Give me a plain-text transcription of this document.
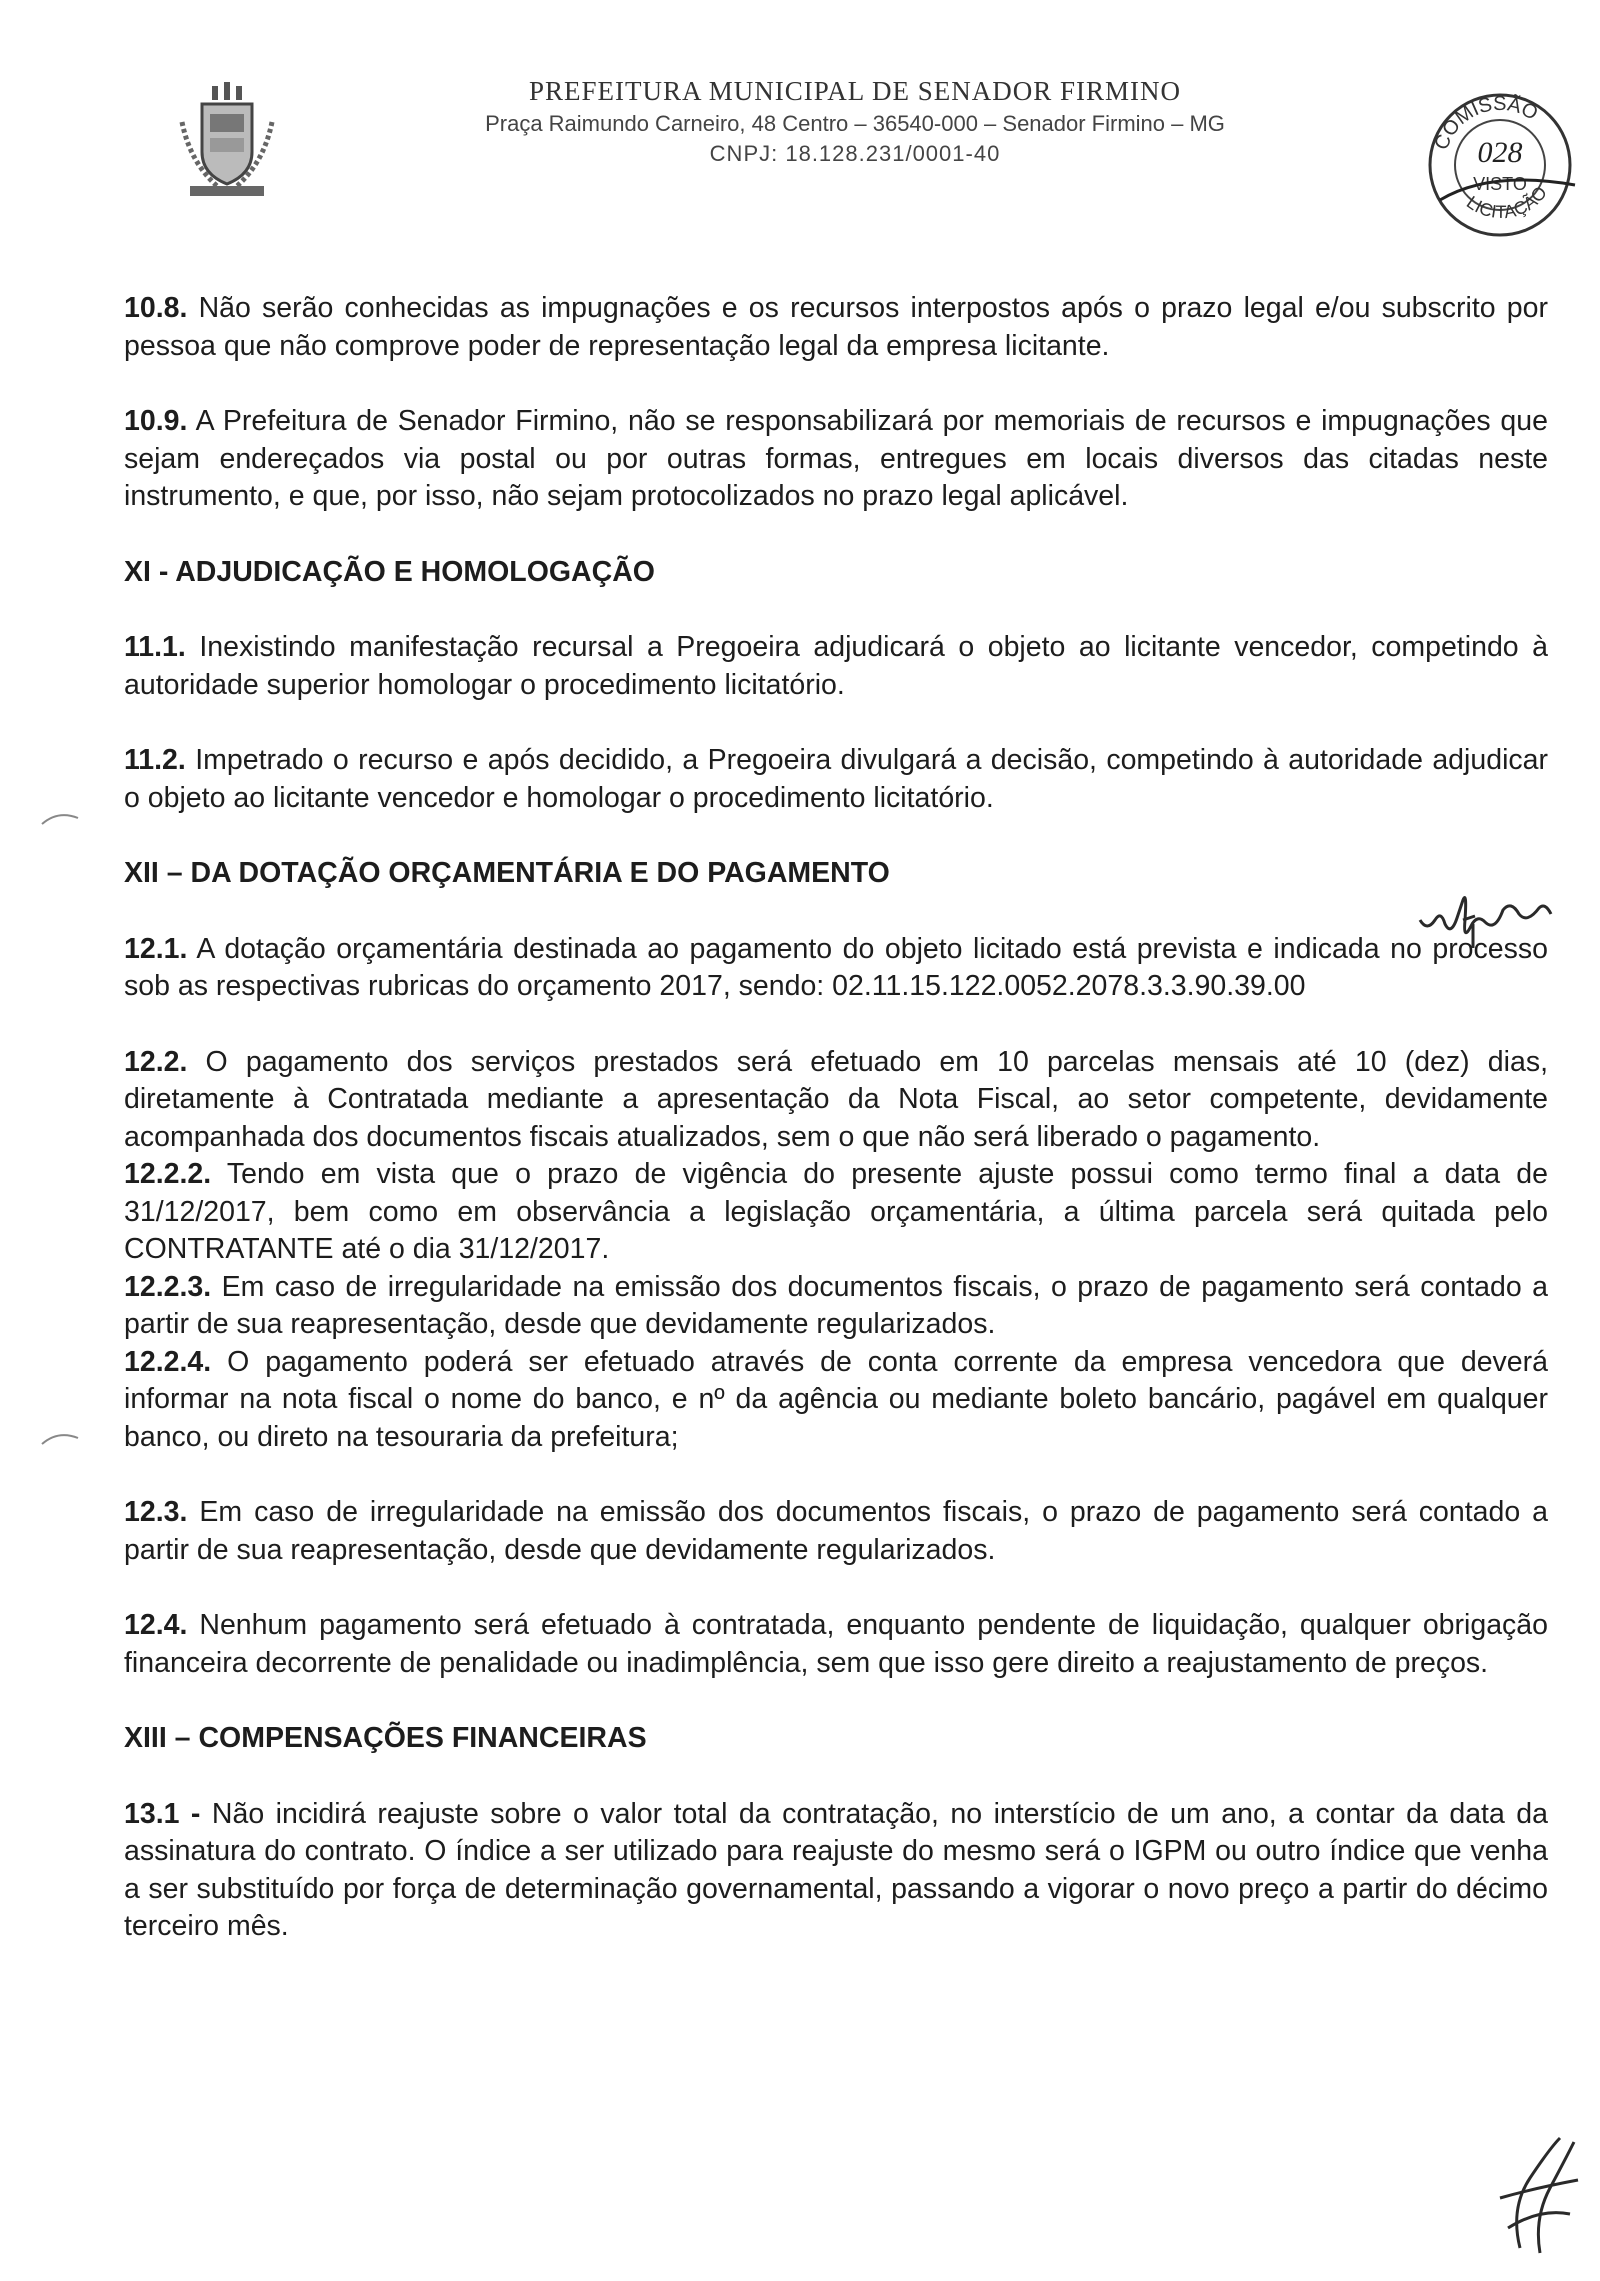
PREFEITURA MUNICIPAL DE SENADOR FIRMINO
Praça Raimundo Carneiro, 48 Centro – 36540-000 – Senador Firmino – MG
CNPJ: 18.128.231/0001-40	COMISSÃO
LICITAÇÃO
028
VISTO

10.8. Não serão conhecidas as impugnações e os recursos interpostos após o prazo legal e/ou subscrito por pessoa que não comprove poder de representação legal da empresa licitante.

10.9. A Prefeitura de Senador Firmino, não se responsabilizará por memoriais de recursos e impugnações que sejam endereçados via postal ou por outras formas, entregues em locais diversos das citadas neste instrumento, e que, por isso, não sejam protocolizados no prazo legal aplicável.

XI - ADJUDICAÇÃO E HOMOLOGAÇÃO

11.1. Inexistindo manifestação recursal a Pregoeira adjudicará o objeto ao licitante vencedor, competindo à autoridade superior homologar o procedimento licitatório.

11.2. Impetrado o recurso e após decidido, a Pregoeira divulgará a decisão, competindo à autoridade adjudicar o objeto ao licitante vencedor e homologar o procedimento licitatório.

XII – DA DOTAÇÃO ORÇAMENTÁRIA E DO PAGAMENTO

12.1. A dotação orçamentária destinada ao pagamento do objeto licitado está prevista e indicada no processo sob as respectivas rubricas do orçamento 2017, sendo: 02.11.15.122.0052.2078.3.3.90.39.00

12.2. O pagamento dos serviços prestados será efetuado em 10 parcelas mensais até 10 (dez) dias, diretamente à Contratada mediante a apresentação da Nota Fiscal, ao setor competente, devidamente acompanhada dos documentos fiscais atualizados, sem o que não será liberado o pagamento.

12.2.2. Tendo em vista que o prazo de vigência do presente ajuste possui como termo final a data de 31/12/2017, bem como em observância a legislação orçamentária, a última parcela será quitada pelo CONTRATANTE até o dia 31/12/2017.

12.2.3. Em caso de irregularidade na emissão dos documentos fiscais, o prazo de pagamento será contado a partir de sua reapresentação, desde que devidamente regularizados.

12.2.4. O pagamento poderá ser efetuado através de conta corrente da empresa vencedora que deverá informar na nota fiscal o nome do banco, e nº da agência ou mediante boleto bancário, pagável em qualquer banco, ou direto na tesouraria da prefeitura;

12.3. Em caso de irregularidade na emissão dos documentos fiscais, o prazo de pagamento será contado a partir de sua reapresentação, desde que devidamente regularizados.

12.4. Nenhum pagamento será efetuado à contratada, enquanto pendente de liquidação, qualquer obrigação financeira decorrente de penalidade ou inadimplência, sem que isso gere direito a reajustamento de preços.

XIII – COMPENSAÇÕES FINANCEIRAS

13.1 - Não incidirá reajuste sobre o valor total da contratação, no interstício de um ano, a contar da data da assinatura do contrato. O índice a ser utilizado para reajuste do mesmo será o IGPM ou outro índice que venha a ser substituído por força de determinação governamental, passando a vigorar o novo preço a partir do décimo terceiro mês.
